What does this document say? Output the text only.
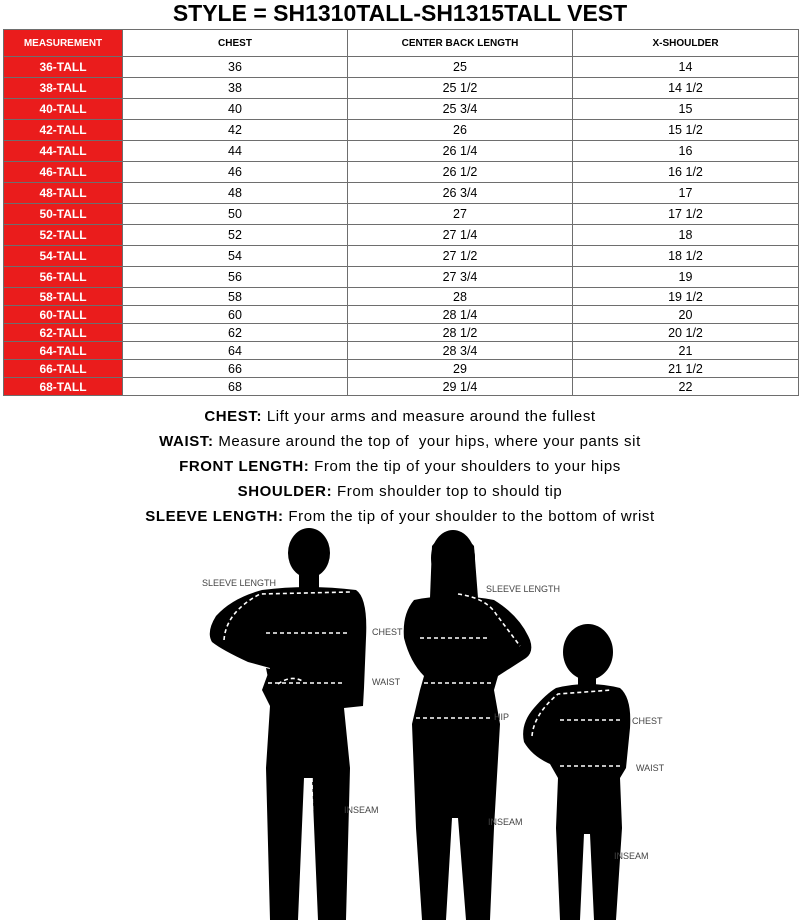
STYLE = SH1310TALL-SH1315TALL VEST
MEASUREMENT	CHEST	CENTER BACK LENGTH	X-SHOULDER
36-TALL	36	25	14
38-TALL	38	25 1/2	14 1/2
40-TALL	40	25 3/4	15
42-TALL	42	26	15 1/2
44-TALL	44	26 1/4	16
46-TALL	46	26 1/2	16 1/2
48-TALL	48	26 3/4	17
50-TALL	50	27	17 1/2
52-TALL	52	27 1/4	18
54-TALL	54	27 1/2	18 1/2
56-TALL	56	27 3/4	19
58-TALL	58	28	19 1/2
60-TALL	60	28 1/4	20
62-TALL	62	28 1/2	20 1/2
64-TALL	64	28 3/4	21
66-TALL	66	29	21 1/2
68-TALL	68	29 1/4	22
CHEST: Lift your arms and measure around the fullest
WAIST: Measure around the top of  your hips, where your pants sit
FRONT LENGTH: From the tip of your shoulders to your hips
SHOULDER: From shoulder top to should tip
SLEEVE LENGTH: From the tip of your shoulder to the bottom of wrist
SLEEVE LENGTH
CHEST
WAIST
INSEAM
SLEEVE LENGTH
HIP
INSEAM
CHEST
WAIST
INSEAM
